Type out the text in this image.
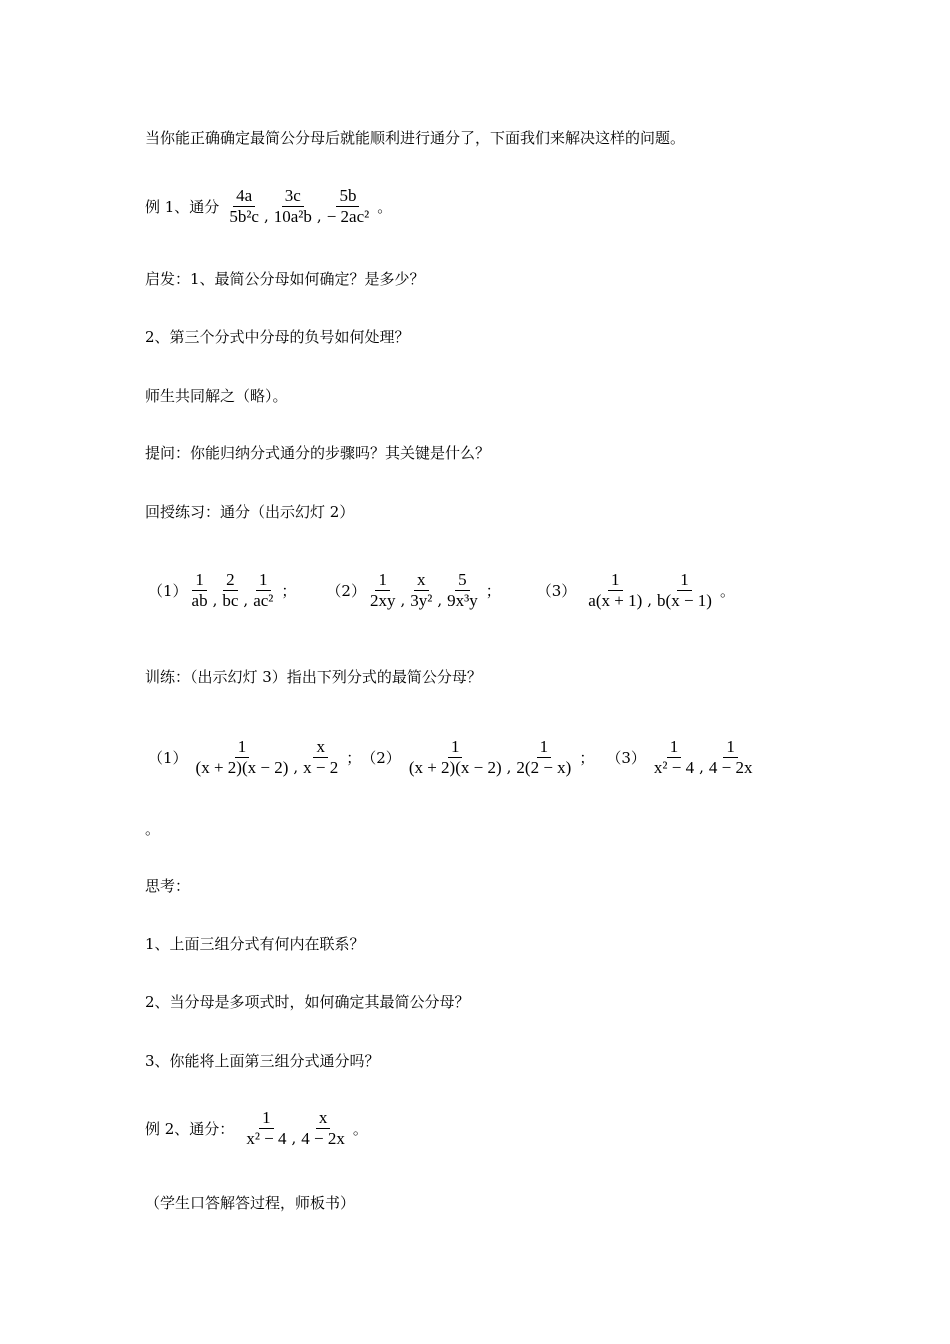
当你能正确确定最简公分母后就能顺利进行通分了，下面我们来解决这样的问题。
例 1、通分
4a
5b²c ,
3c
10a²b ,
5b
− 2ac² 。
启发：1、最简公分母如何确定？是多少？
2、第三个分式中分母的负号如何处理？
师生共同解之（略）。
提问：你能归纳分式通分的步骤吗？其关键是什么？
回授练习：通分（出示幻灯 2）
（1）
1
ab ,
2
bc ,
1
ac² ； （2）
1
2xy ,
x
3y² ,
5
9x³y ； （3）
1
a(x + 1) ,
1
b(x − 1) 。
训练：（出示幻灯 3）指出下列分式的最简公分母？
（1）
1
(x + 2)(x − 2) ,
x
x − 2 ； （2）
1
(x + 2)(x − 2) ,
1
2(2 − x) ； （3）
1
x² − 4 ,
1
4 − 2x
。
思考：
1、上面三组分式有何内在联系？
2、当分母是多项式时，如何确定其最简公分母？
3、你能将上面第三组分式通分吗？
例 2、通分：
1
x² − 4 ,
x
4 − 2x 。
（学生口答解答过程，师板书）
